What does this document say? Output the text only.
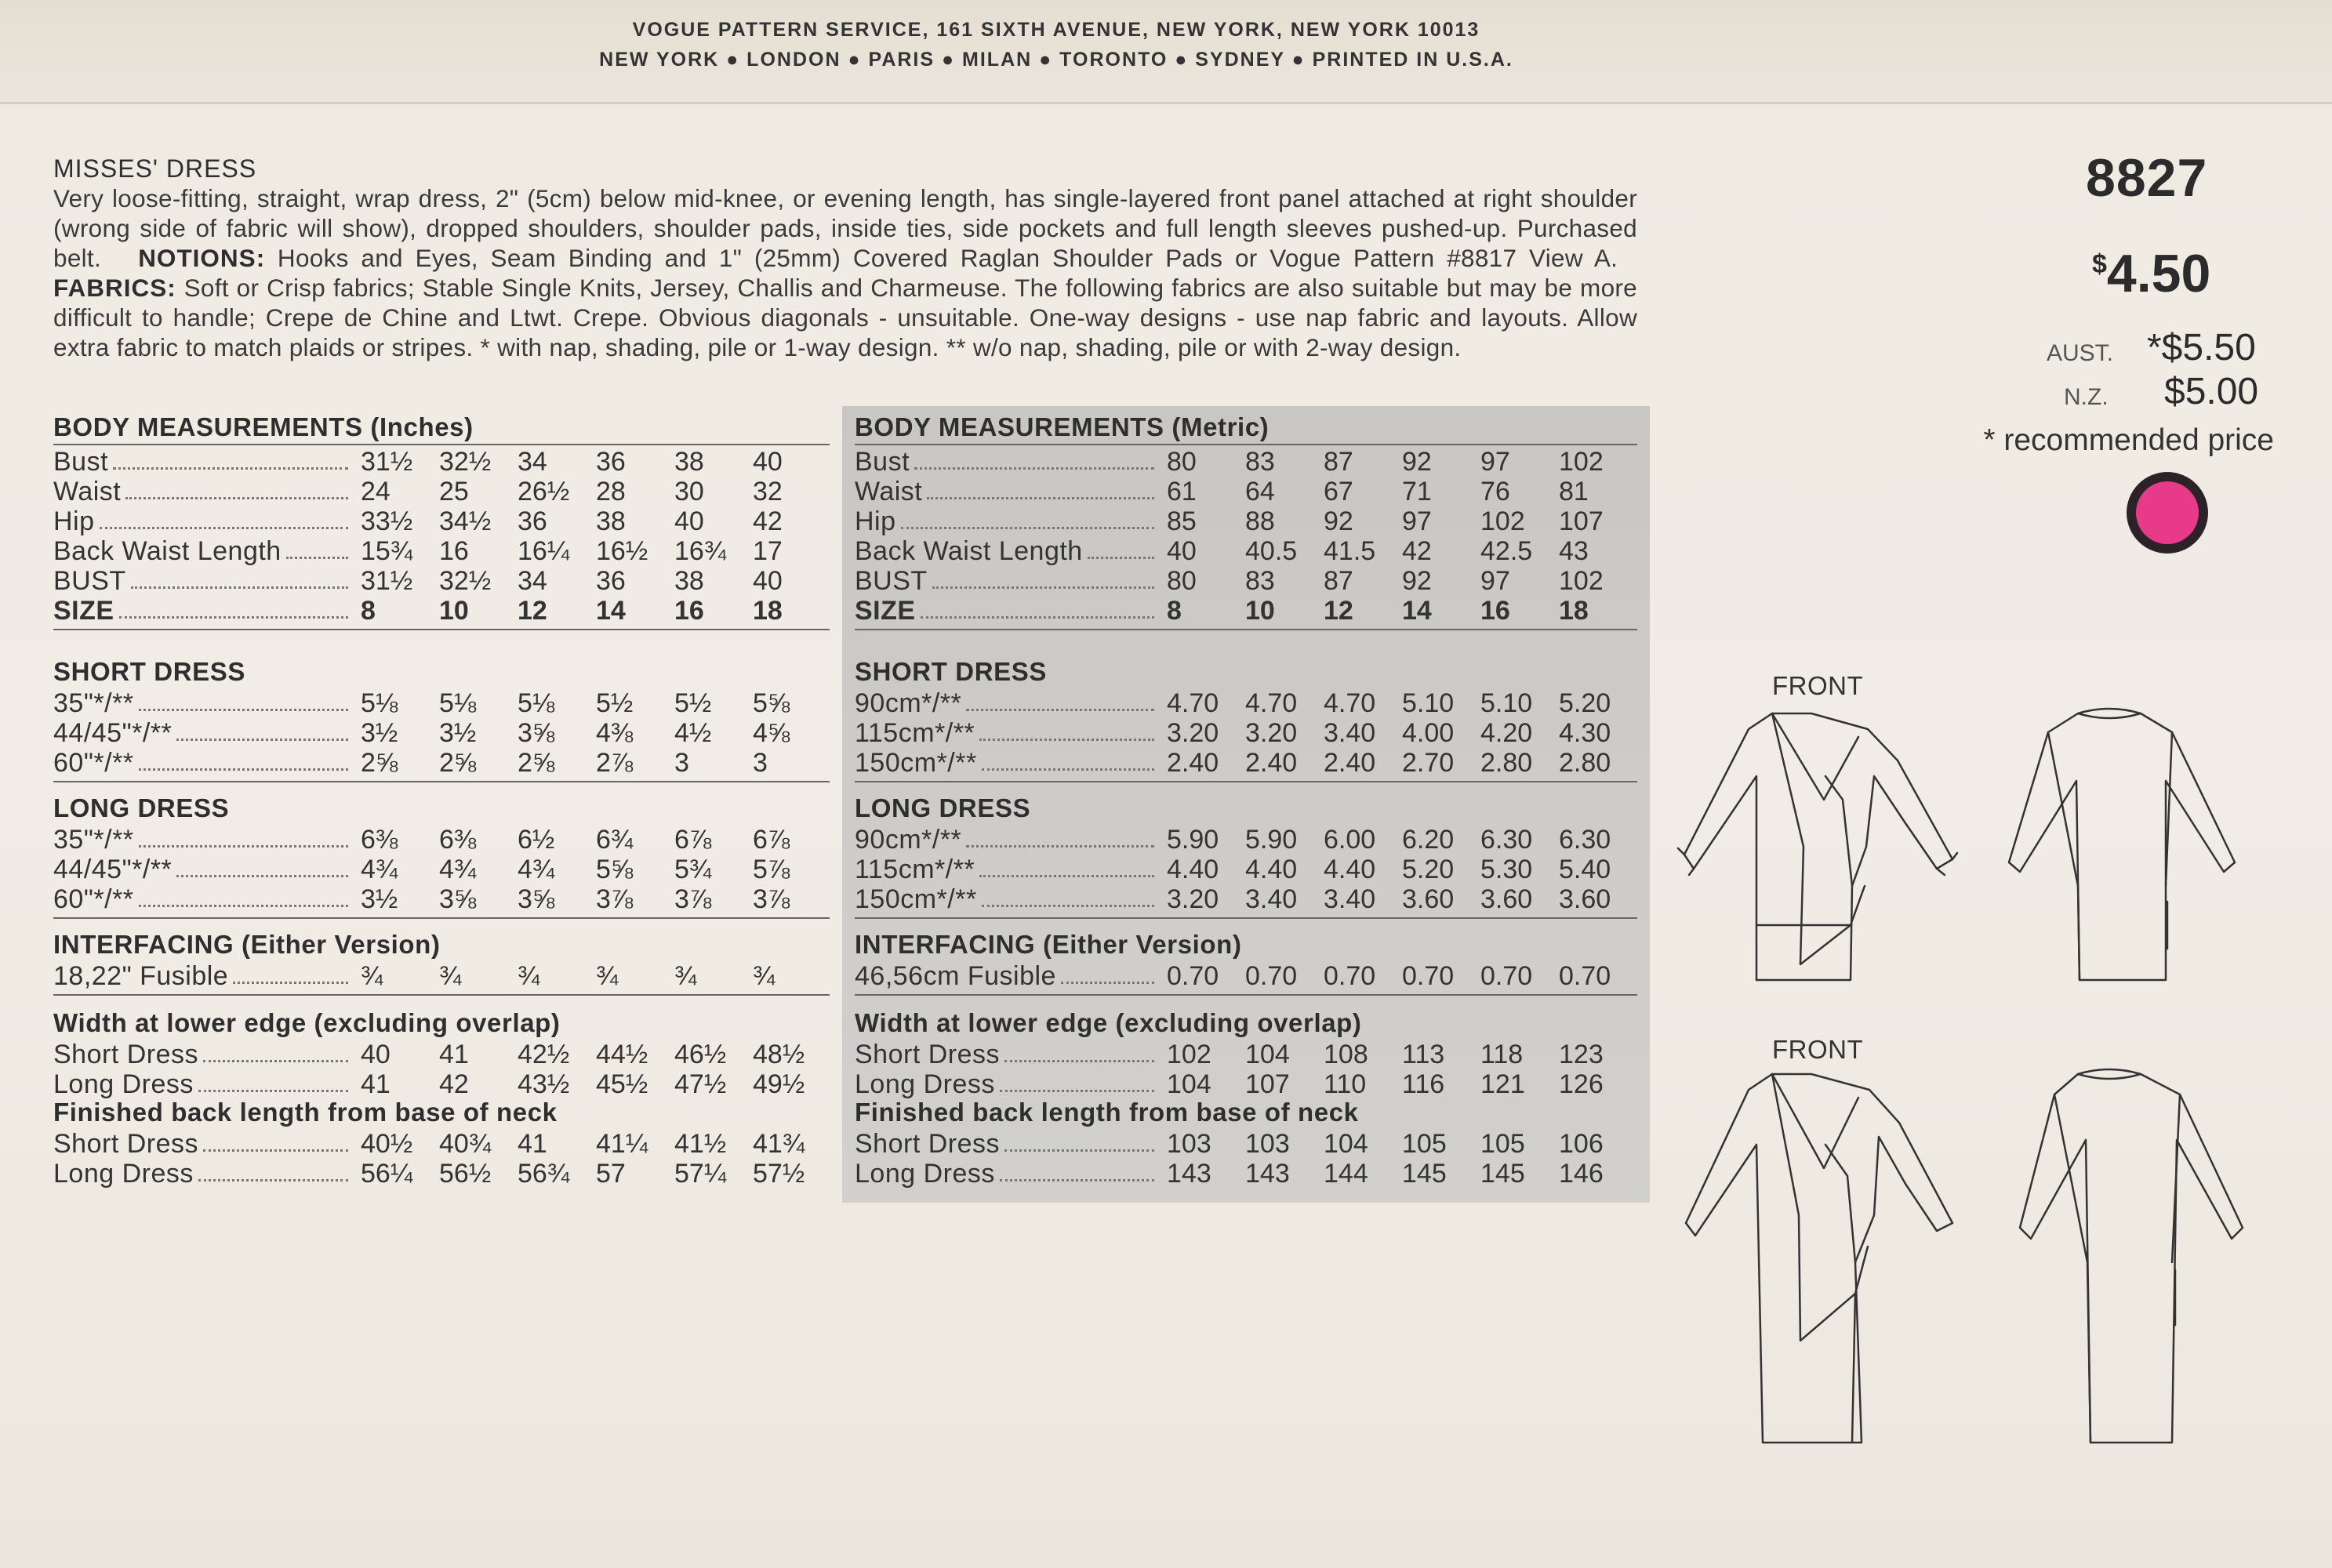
VOGUE PATTERN SERVICE, 161 SIXTH AVENUE, NEW YORK, NEW YORK 10013
NEW YORK ● LONDON ● PARIS ● MILAN ● TORONTO ● SYDNEY ● PRINTED IN U.S.A.
MISSES' DRESS
Very loose-fitting, straight, wrap dress, 2" (5cm) below mid-knee, or evening length, has single-layered front panel attached at right shoulder (wrong side of fabric will show), dropped shoulders, shoulder pads, inside ties, side pockets and full length sleeves pushed-up. Purchased belt. NOTIONS: Hooks and Eyes, Seam Binding and 1" (25mm) Covered Raglan Shoulder Pads or Vogue Pattern #8817 View A.   FABRICS: Soft or Crisp fabrics; Stable Single Knits, Jersey, Challis and Charmeuse. The following fabrics are also suitable but may be more difficult to handle; Crepe de Chine and Ltwt. Crepe. Obvious diagonals - unsuitable. One-way designs - use nap fabric and layouts. Allow extra fabric to match plaids or stripes. * with nap, shading, pile or 1-way design. ** w/o nap, shading, pile or with 2-way design.
8827
$4.50
AUST. *$5.50
N.Z. $5.00
* recommended price
BODY MEASUREMENTS (Inches)
Bust	31½ 32½ 34 36 38 40
Waist	24 25 26½ 28 30 32
Hip	33½ 34½ 36 38 40 42
Back Waist Length	15¾ 16 16¼ 16½ 16¾ 17
BUST	31½ 32½ 34 36 38 40
SIZE	8 10 12 14 16 18
SHORT DRESS
35"*/**	5⅛ 5⅛ 5⅛ 5½ 5½ 5⅝
44/45"*/**	3½ 3½ 3⅝ 4⅜ 4½ 4⅝
60"*/**	2⅝ 2⅝ 2⅝ 2⅞ 3 3
LONG DRESS
35"*/**	6⅜ 6⅜ 6½ 6¾ 6⅞ 6⅞
44/45"*/**	4¾ 4¾ 4¾ 5⅝ 5¾ 5⅞
60"*/**	3½ 3⅝ 3⅝ 3⅞ 3⅞ 3⅞
INTERFACING (Either Version)
18,22" Fusible	¾ ¾ ¾ ¾ ¾ ¾
Width at lower edge (excluding overlap)
Short Dress	40 41 42½ 44½ 46½ 48½
Long Dress	41 42 43½ 45½ 47½ 49½
Finished back length from base of neck
Short Dress	40½ 40¾ 41 41¼ 41½ 41¾
Long Dress	56¼ 56½ 56¾ 57 57¼ 57½
BODY MEASUREMENTS (Metric)
Bust	80 83 87 92 97 102
Waist	61 64 67 71 76 81
Hip	85 88 92 97 102 107
Back Waist Length	40 40.5 41.5 42 42.5 43
BUST	80 83 87 92 97 102
SIZE	8 10 12 14 16 18
SHORT DRESS
90cm*/**	4.70 4.70 4.70 5.10 5.10 5.20
115cm*/**	3.20 3.20 3.40 4.00 4.20 4.30
150cm*/**	2.40 2.40 2.40 2.70 2.80 2.80
LONG DRESS
90cm*/**	5.90 5.90 6.00 6.20 6.30 6.30
115cm*/**	4.40 4.40 4.40 5.20 5.30 5.40
150cm*/**	3.20 3.40 3.40 3.60 3.60 3.60
INTERFACING (Either Version)
46,56cm Fusible	0.70 0.70 0.70 0.70 0.70 0.70
Width at lower edge (excluding overlap)
Short Dress	102 104 108 113 118 123
Long Dress	104 107 110 116 121 126
Finished back length from base of neck
Short Dress	103 103 104 105 105 106
Long Dress	143 143 144 145 145 146
FRONT
FRONT
